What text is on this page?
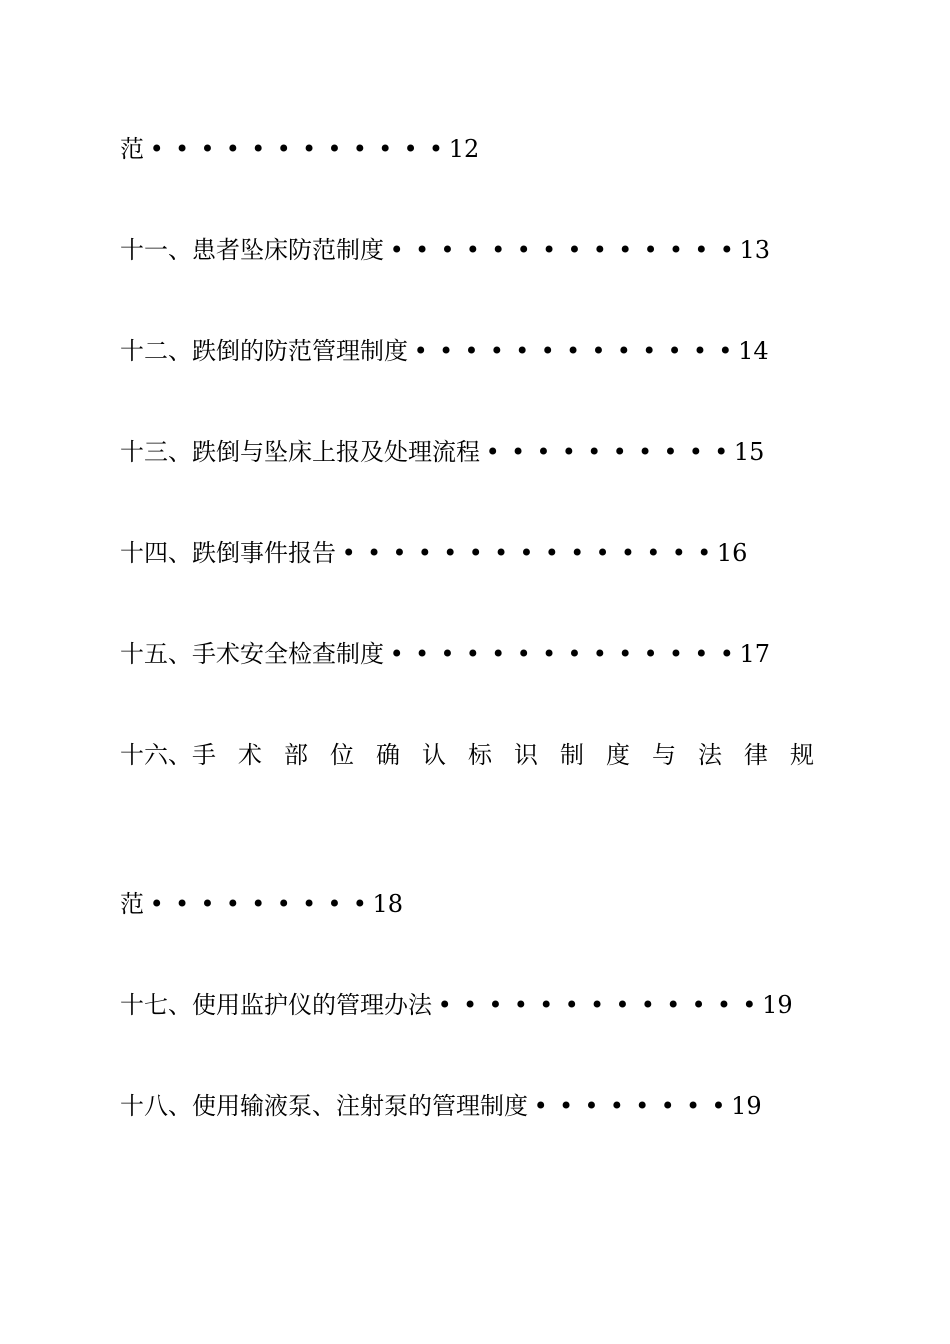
范 • • • • • • • • • • • • 12

十一、患者坠床防范制度 • • • • • • • • • • • • • • 13

十二、跌倒的防范管理制度 • • • • • • • • • • • • • 14

十三、跌倒与坠床上报及处理流程 • • • • • • • • • • 15

十四、跌倒事件报告 • • • • • • • • • • • • • • • 16

十五、手术安全检查制度 • • • • • • • • • • • • • • 17

十六、手术部位确认标识制度与法律规

范 • • • • • • • • • 18

十七、使用监护仪的管理办法 • • • • • • • • • • • • • 19

十八、使用输液泵、注射泵的管理制度 • • • • • • • • 19
